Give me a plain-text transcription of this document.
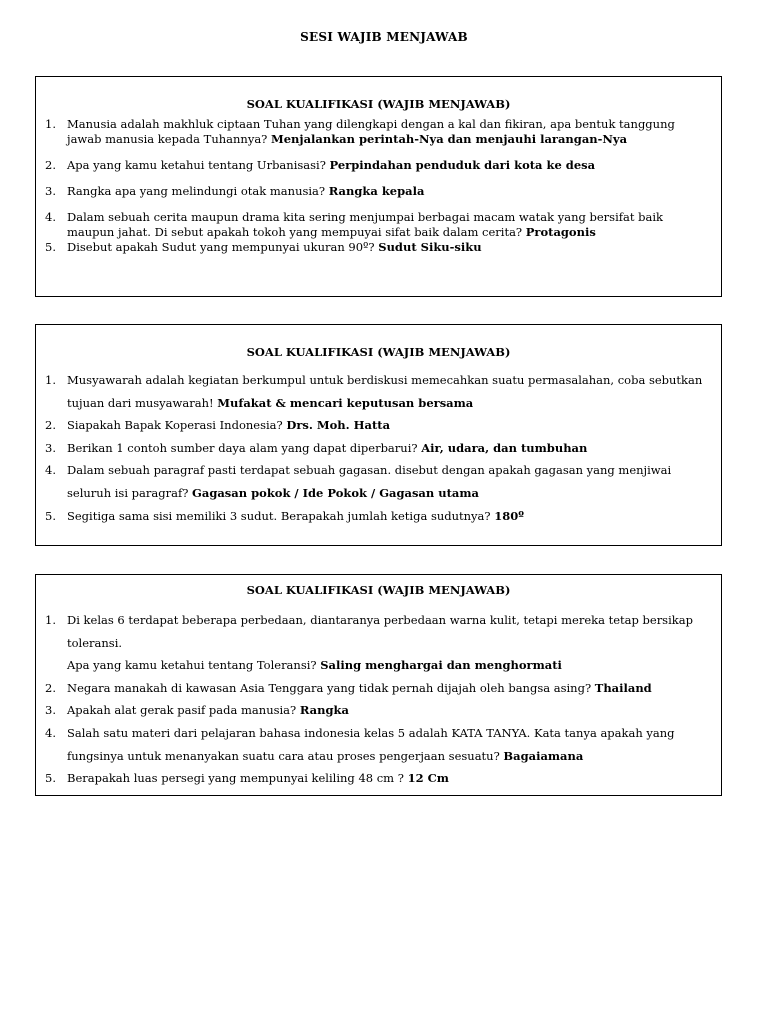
SESI WAJIB MENJAWAB
SOAL KUALIFIKASI (WAJIB MENJAWAB)
1. Manusia adalah makhluk ciptaan Tuhan yang dilengkapi dengan a kal dan fikiran, apa bentuk tanggung jawab manusia kepada Tuhannya? Menjalankan perintah-Nya dan menjauhi larangan-Nya
2. Apa yang kamu ketahui tentang Urbanisasi? Perpindahan penduduk dari kota ke desa
3. Rangka apa yang melindungi otak manusia? Rangka kepala
4. Dalam sebuah cerita maupun drama kita sering menjumpai berbagai macam watak yang bersifat baik maupun jahat. Di sebut apakah tokoh yang mempuyai sifat baik dalam cerita? Protagonis
5. Disebut apakah Sudut yang mempunyai ukuran 90º? Sudut Siku-siku
SOAL KUALIFIKASI (WAJIB MENJAWAB)
1. Musyawarah adalah kegiatan berkumpul untuk berdiskusi memecahkan suatu permasalahan, coba sebutkan tujuan dari musyawarah! Mufakat & mencari keputusan bersama
2. Siapakah Bapak Koperasi Indonesia? Drs. Moh. Hatta
3. Berikan 1 contoh sumber daya alam yang dapat diperbarui? Air, udara, dan tumbuhan
4. Dalam sebuah paragraf pasti terdapat sebuah gagasan. disebut dengan apakah gagasan yang menjiwai seluruh isi paragraf? Gagasan pokok / Ide Pokok / Gagasan utama
5. Segitiga sama sisi memiliki 3 sudut. Berapakah jumlah ketiga sudutnya? 180º
SOAL KUALIFIKASI (WAJIB MENJAWAB)
1. Di kelas 6 terdapat beberapa perbedaan, diantaranya perbedaan warna kulit, tetapi mereka tetap bersikap toleransi.
Apa yang kamu ketahui tentang Toleransi? Saling menghargai dan menghormati
2. Negara manakah di kawasan Asia Tenggara yang tidak pernah dijajah oleh bangsa asing? Thailand
3. Apakah alat gerak pasif pada manusia? Rangka
4. Salah satu materi dari pelajaran bahasa indonesia kelas 5 adalah KATA TANYA. Kata tanya apakah yang fungsinya untuk menanyakan suatu cara atau proses pengerjaan sesuatu? Bagaiamana
5. Berapakah luas persegi yang mempunyai keliling 48 cm ? 12 Cm
